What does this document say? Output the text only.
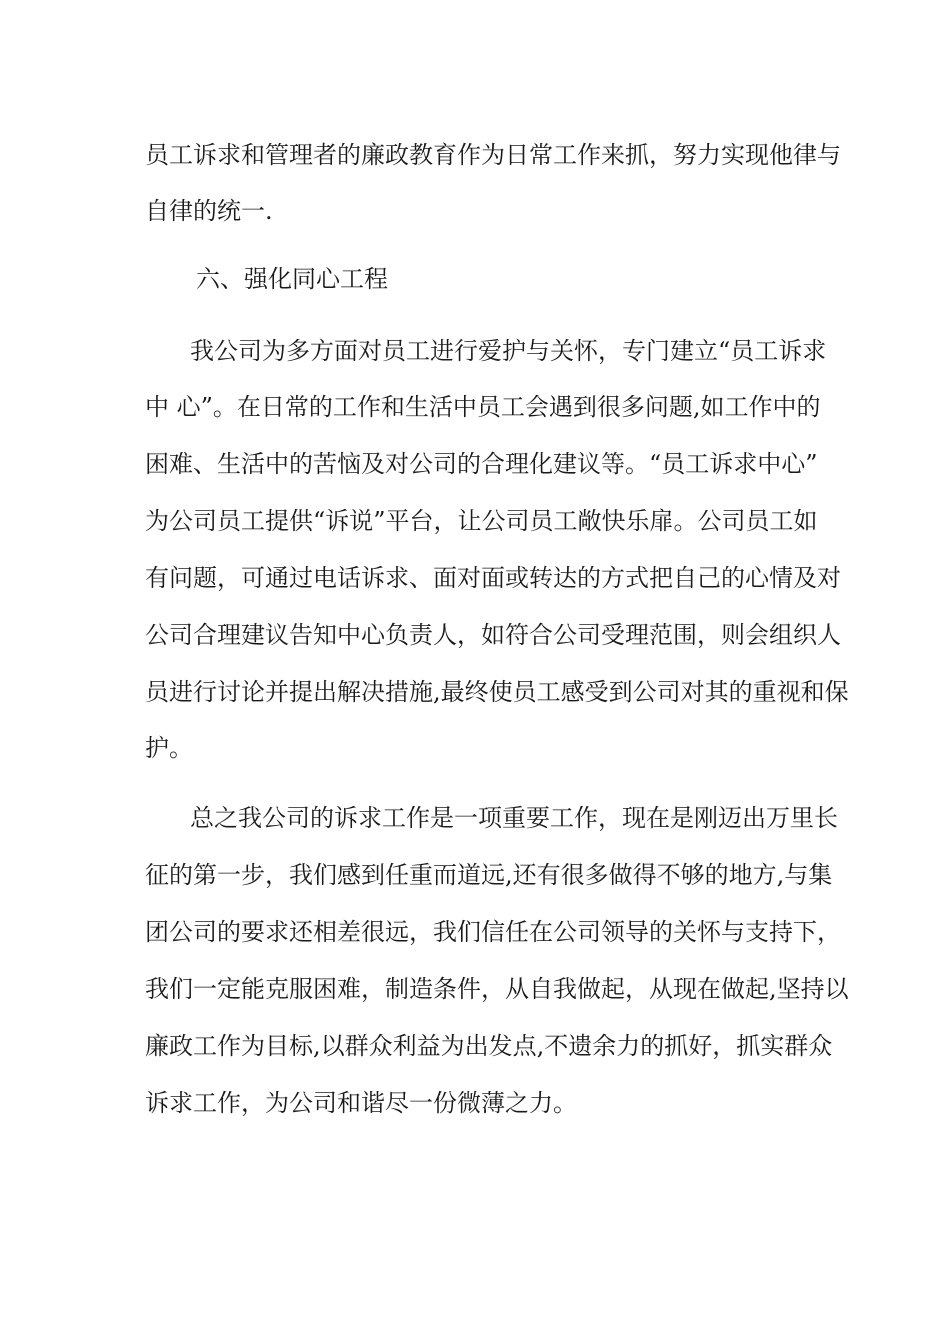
员工诉求和管理者的廉政教育作为日常工作来抓，努力实现他律与
自律的统一.
六、强化同心工程
我公司为多方面对员工进行爱护与关怀，专门建立“员工诉求
中 心”。在日常的工作和生活中员工会遇到很多问题,如工作中的
困难、生活中的苦恼及对公司的合理化建议等。“员工诉求中心”
为公司员工提供“诉说”平台，让公司员工敞快乐扉。公司员工如
有问题，可通过电话诉求、面对面或转达的方式把自己的心情及对
公司合理建议告知中心负责人，如符合公司受理范围，则会组织人
员进行讨论并提出解决措施,最终使员工感受到公司对其的重视和保
护。
总之我公司的诉求工作是一项重要工作，现在是刚迈出万里长
征的第一步，我们感到任重而道远,还有很多做得不够的地方,与集
团公司的要求还相差很远，我们信任在公司领导的关怀与支持下，
我们一定能克服困难，制造条件，从自我做起，从现在做起,坚持以
廉政工作为目标,以群众利益为出发点,不遗余力的抓好，抓实群众
诉求工作，为公司和谐尽一份微薄之力。
